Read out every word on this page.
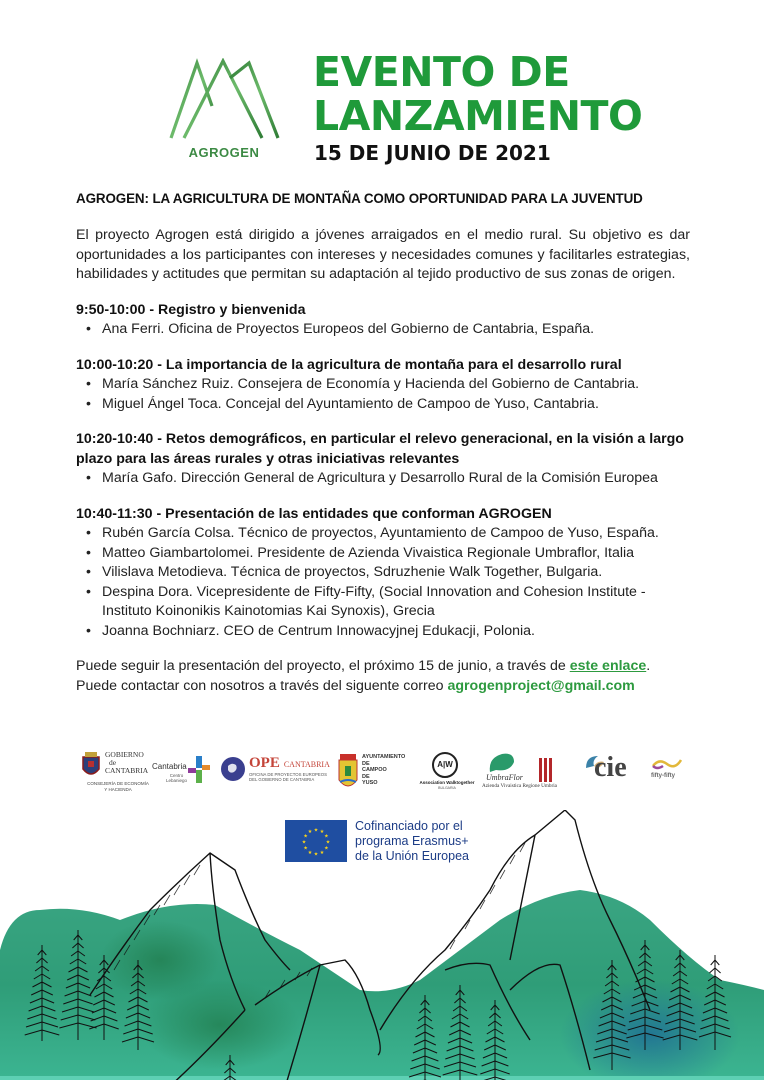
AGROGEN
EVENTO DE
LANZAMIENTO
15 DE JUNIO DE 2021
AGROGEN: LA AGRICULTURA DE MONTAÑA COMO OPORTUNIDAD PARA LA JUVENTUD

El proyecto Agrogen está dirigido a jóvenes arraigados en el medio rural. Su objetivo es dar oportunidades a los participantes con intereses y necesidades comunes y facilitarles estrategias, habilidades y actitudes que permitan su adaptación al tejido productivo de sus zonas de origen.

9:50-10:00 - Registro y bienvenida
• Ana Ferri. Oficina de Proyectos Europeos del Gobierno de Cantabria, España.
10:00-10:20 - La importancia de la agricultura de montaña para el desarrollo rural
• María Sánchez Ruiz. Consejera de Economía y Hacienda del Gobierno de Cantabria.
• Miguel Ángel Toca. Concejal del Ayuntamiento de Campoo de Yuso, Cantabria.
10:20-10:40 - Retos demográficos, en particular el relevo generacional, en la visión a largo plazo para las áreas rurales y otras iniciativas relevantes
• María Gafo. Dirección General de Agricultura y Desarrollo Rural de la Comisión Europea
10:40-11:30 - Presentación de las entidades que conforman AGROGEN
• Rubén García Colsa. Técnico de proyectos, Ayuntamiento de Campoo de Yuso, España.
• Matteo Giambartolomei. Presidente de Azienda Vivaistica Regionale Umbraflor, Italia
• Vilislava Metodieva. Técnica de proyectos, Sdruzhenie Walk Together, Bulgaria.
• Despina Dora. Vicepresidente de Fifty-Fifty, (Social Innovation and Cohesion Institute - Instituto Koinonikis Kainotomias Kai Synoxis), Grecia
• Joanna Bochniarz. CEO de Centrum Innowacyjnej Edukacji, Polonia.
Puede seguir la presentación del proyecto, el próximo 15 de junio, a través de este enlace.
Puede contactar con nosotros a través del siguente correo agrogenproject@gmail.com
GOBIERNO
de
CANTABRIA
CONSEJERÍA DE ECONOMÍA
Y HACIENDA
Cantabria
Centro
Lebaniego
OPE CANTABRIA
OFICINA DE PROYECTOS EUROPEOS
DEL GOBIERNO DE CANTABRIA
AYUNTAMIENTO
DE
CAMPOO
DE
YUSO
A|W
Association Walktogether
BULGARIA
UmbraFlor
Azienda Vivaistica Regione Umbria
cie	fifty-fifty
★ ★
★
★
★
★
★
★
★
★
★
★	Cofinanciado por el
programa Erasmus+
de la Unión Europea
